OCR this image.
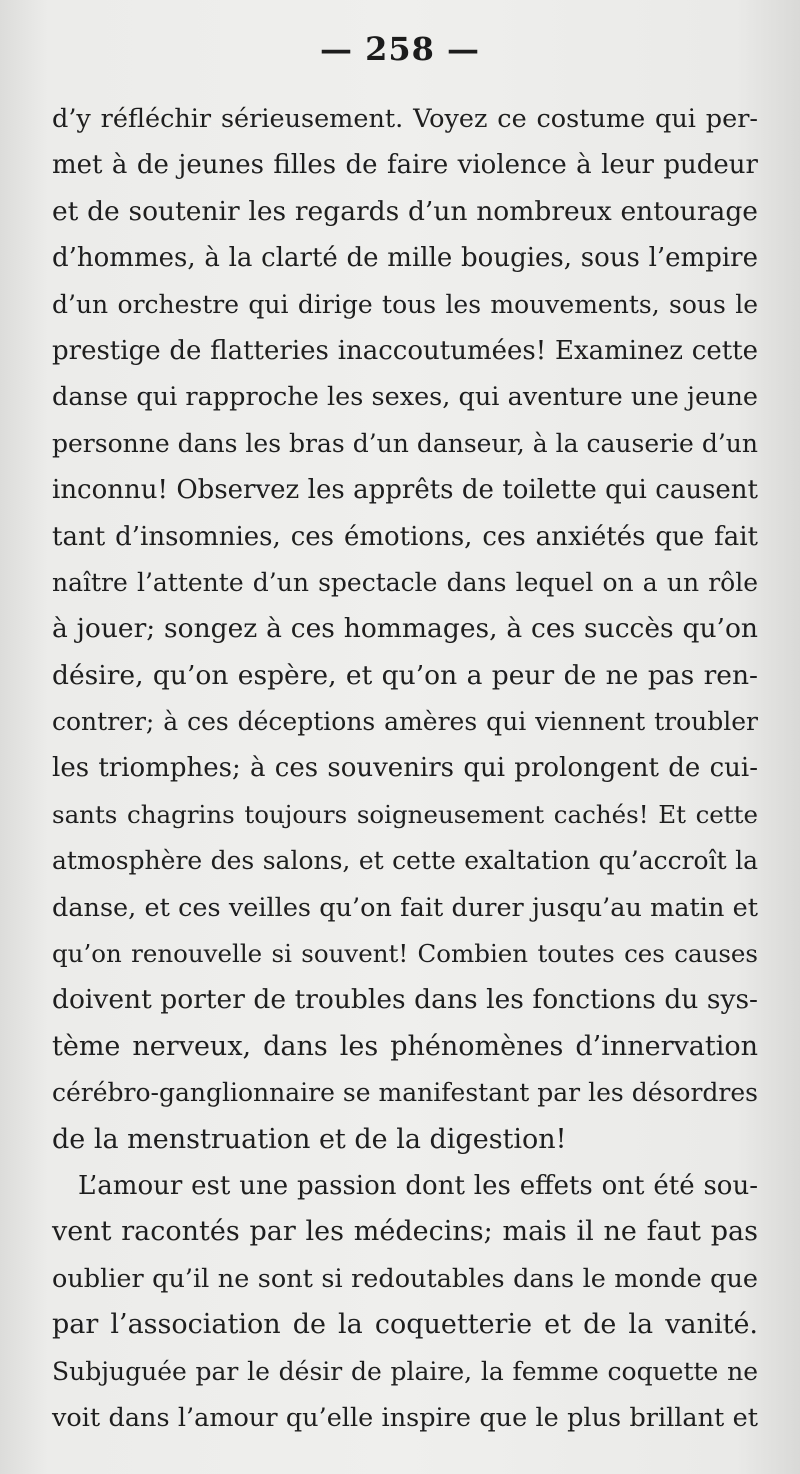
— 258 —
d’y réfléchir sérieusement. Voyez ce costume qui per-
met à de jeunes filles de faire violence à leur pudeur
et de soutenir les regards d’un nombreux entourage
d’hommes, à la clarté de mille bougies, sous l’empire
d’un orchestre qui dirige tous les mouvements, sous le
prestige de flatteries inaccoutumées! Examinez cette
danse qui rapproche les sexes, qui aventure une jeune
personne dans les bras d’un danseur, à la causerie d’un
inconnu! Observez les apprêts de toilette qui causent
tant d’insomnies, ces émotions, ces anxiétés que fait
naître l’attente d’un spectacle dans lequel on a un rôle
à jouer; songez à ces hommages, à ces succès qu’on
désire, qu’on espère, et qu’on a peur de ne pas ren-
contrer; à ces déceptions amères qui viennent troubler
les triomphes; à ces souvenirs qui prolongent de cui-
sants chagrins toujours soigneusement cachés! Et cette
atmosphère des salons, et cette exaltation qu’accroît la
danse, et ces veilles qu’on fait durer jusqu’au matin et
qu’on renouvelle si souvent! Combien toutes ces causes
doivent porter de troubles dans les fonctions du sys-
tème nerveux, dans les phénomènes d’innervation
cérébro-ganglionnaire se manifestant par les désordres
de la menstruation et de la digestion!
L’amour est une passion dont les effets ont été sou-
vent racontés par les médecins; mais il ne faut pas
oublier qu’il ne sont si redoutables dans le monde que
par l’association de la coquetterie et de la vanité.
Subjuguée par le désir de plaire, la femme coquette ne
voit dans l’amour qu’elle inspire que le plus brillant et
